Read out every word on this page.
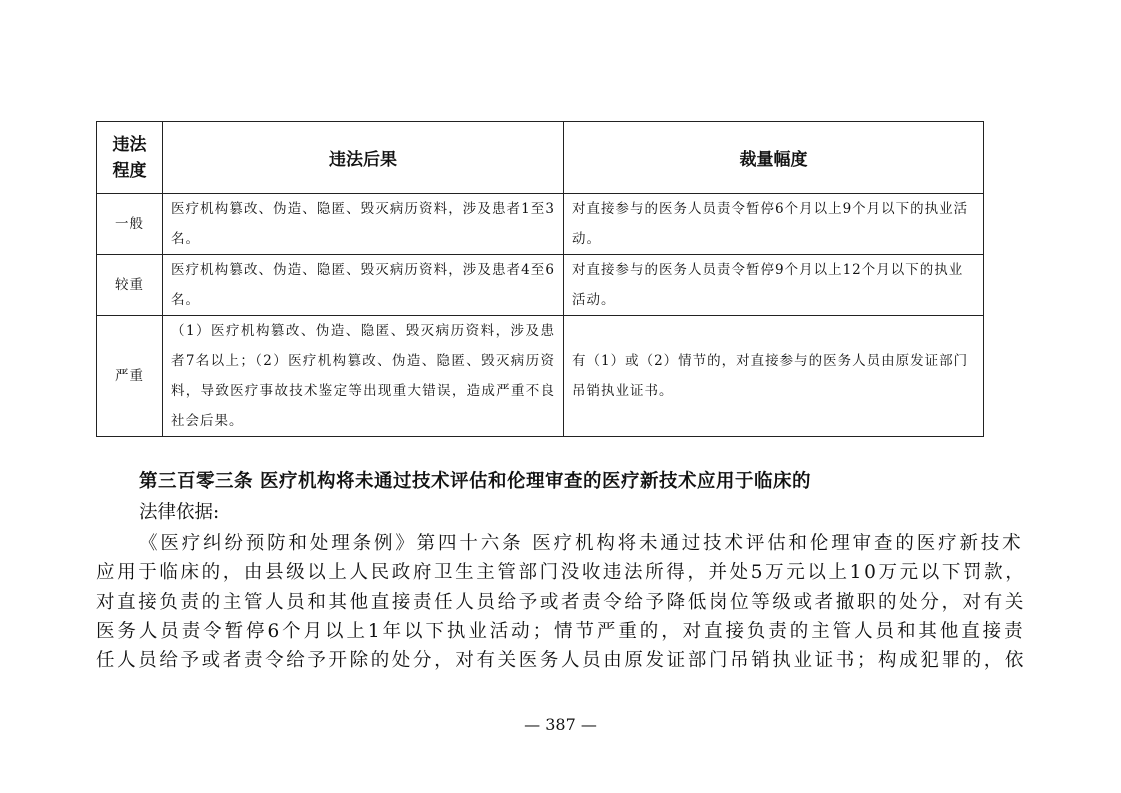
违法
程度	违法后果	裁量幅度
一般	医疗机构篡改、伪造、隐匿、毁灭病历资料，涉及患者1至3名。	对直接参与的医务人员责令暂停6个月以上9个月以下的执业活动。
较重	医疗机构篡改、伪造、隐匿、毁灭病历资料，涉及患者4至6名。	对直接参与的医务人员责令暂停9个月以上12个月以下的执业活动。
严重	（1）医疗机构篡改、伪造、隐匿、毁灭病历资料，涉及患者7名以上；（2）医疗机构篡改、伪造、隐匿、毁灭病历资料，导致医疗事故技术鉴定等出现重大错误，造成严重不良社会后果。	有（1）或（2）情节的，对直接参与的医务人员由原发证部门吊销执业证书。
第三百零三条 医疗机构将未通过技术评估和伦理审查的医疗新技术应用于临床的
法律依据:
《医疗纠纷预防和处理条例》第四十六条 医疗机构将未通过技术评估和伦理审查的医疗新技术
应用于临床的，由县级以上人民政府卫生主管部门没收违法所得，并处5万元以上10万元以下罚款，
对直接负责的主管人员和其他直接责任人员给予或者责令给予降低岗位等级或者撤职的处分，对有关
医务人员责令暂停6个月以上1年以下执业活动；情节严重的，对直接负责的主管人员和其他直接责
任人员给予或者责令给予开除的处分，对有关医务人员由原发证部门吊销执业证书；构成犯罪的，依
— 387 —
